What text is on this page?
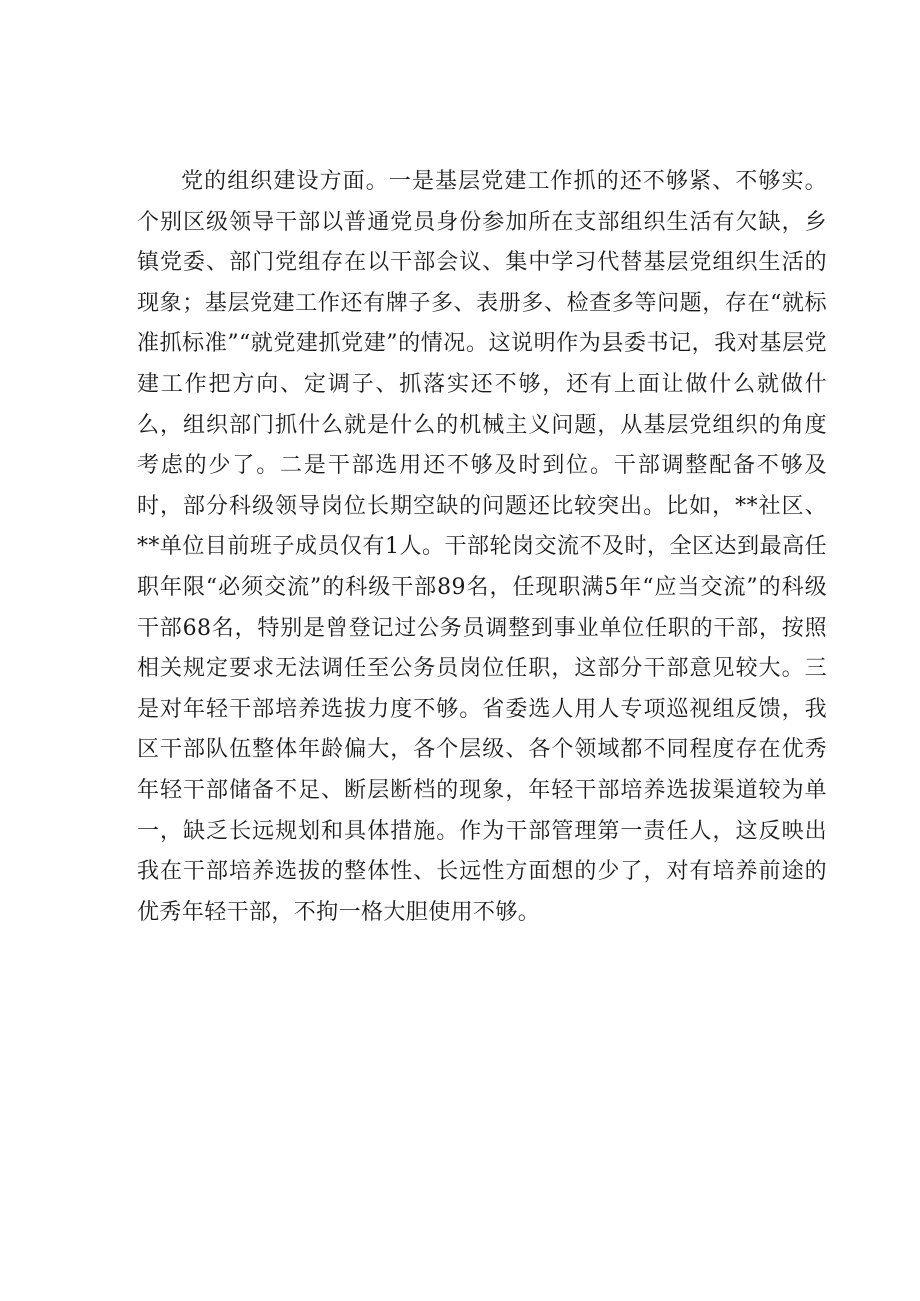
党的组织建设方面。一是基层党建工作抓的还不够紧、不够实。个别区级领导干部以普通党员身份参加所在支部组织生活有欠缺，乡镇党委、部门党组存在以干部会议、集中学习代替基层党组织生活的现象；基层党建工作还有牌子多、表册多、检查多等问题，存在“就标准抓标准”“就党建抓党建”的情况。这说明作为县委书记，我对基层党建工作把方向、定调子、抓落实还不够，还有上面让做什么就做什么，组织部门抓什么就是什么的机械主义问题，从基层党组织的角度考虑的少了。二是干部选用还不够及时到位。干部调整配备不够及时，部分科级领导岗位长期空缺的问题还比较突出。比如，**社区、**单位目前班子成员仅有1人。干部轮岗交流不及时，全区达到最高任职年限“必须交流”的科级干部89名，任现职满5年“应当交流”的科级干部68名，特别是曾登记过公务员调整到事业单位任职的干部，按照相关规定要求无法调任至公务员岗位任职，这部分干部意见较大。三是对年轻干部培养选拔力度不够。省委选人用人专项巡视组反馈，我区干部队伍整体年龄偏大，各个层级、各个领域都不同程度存在优秀年轻干部储备不足、断层断档的现象，年轻干部培养选拔渠道较为单一，缺乏长远规划和具体措施。作为干部管理第一责任人，这反映出我在干部培养选拔的整体性、长远性方面想的少了，对有培养前途的优秀年轻干部，不拘一格大胆使用不够。
